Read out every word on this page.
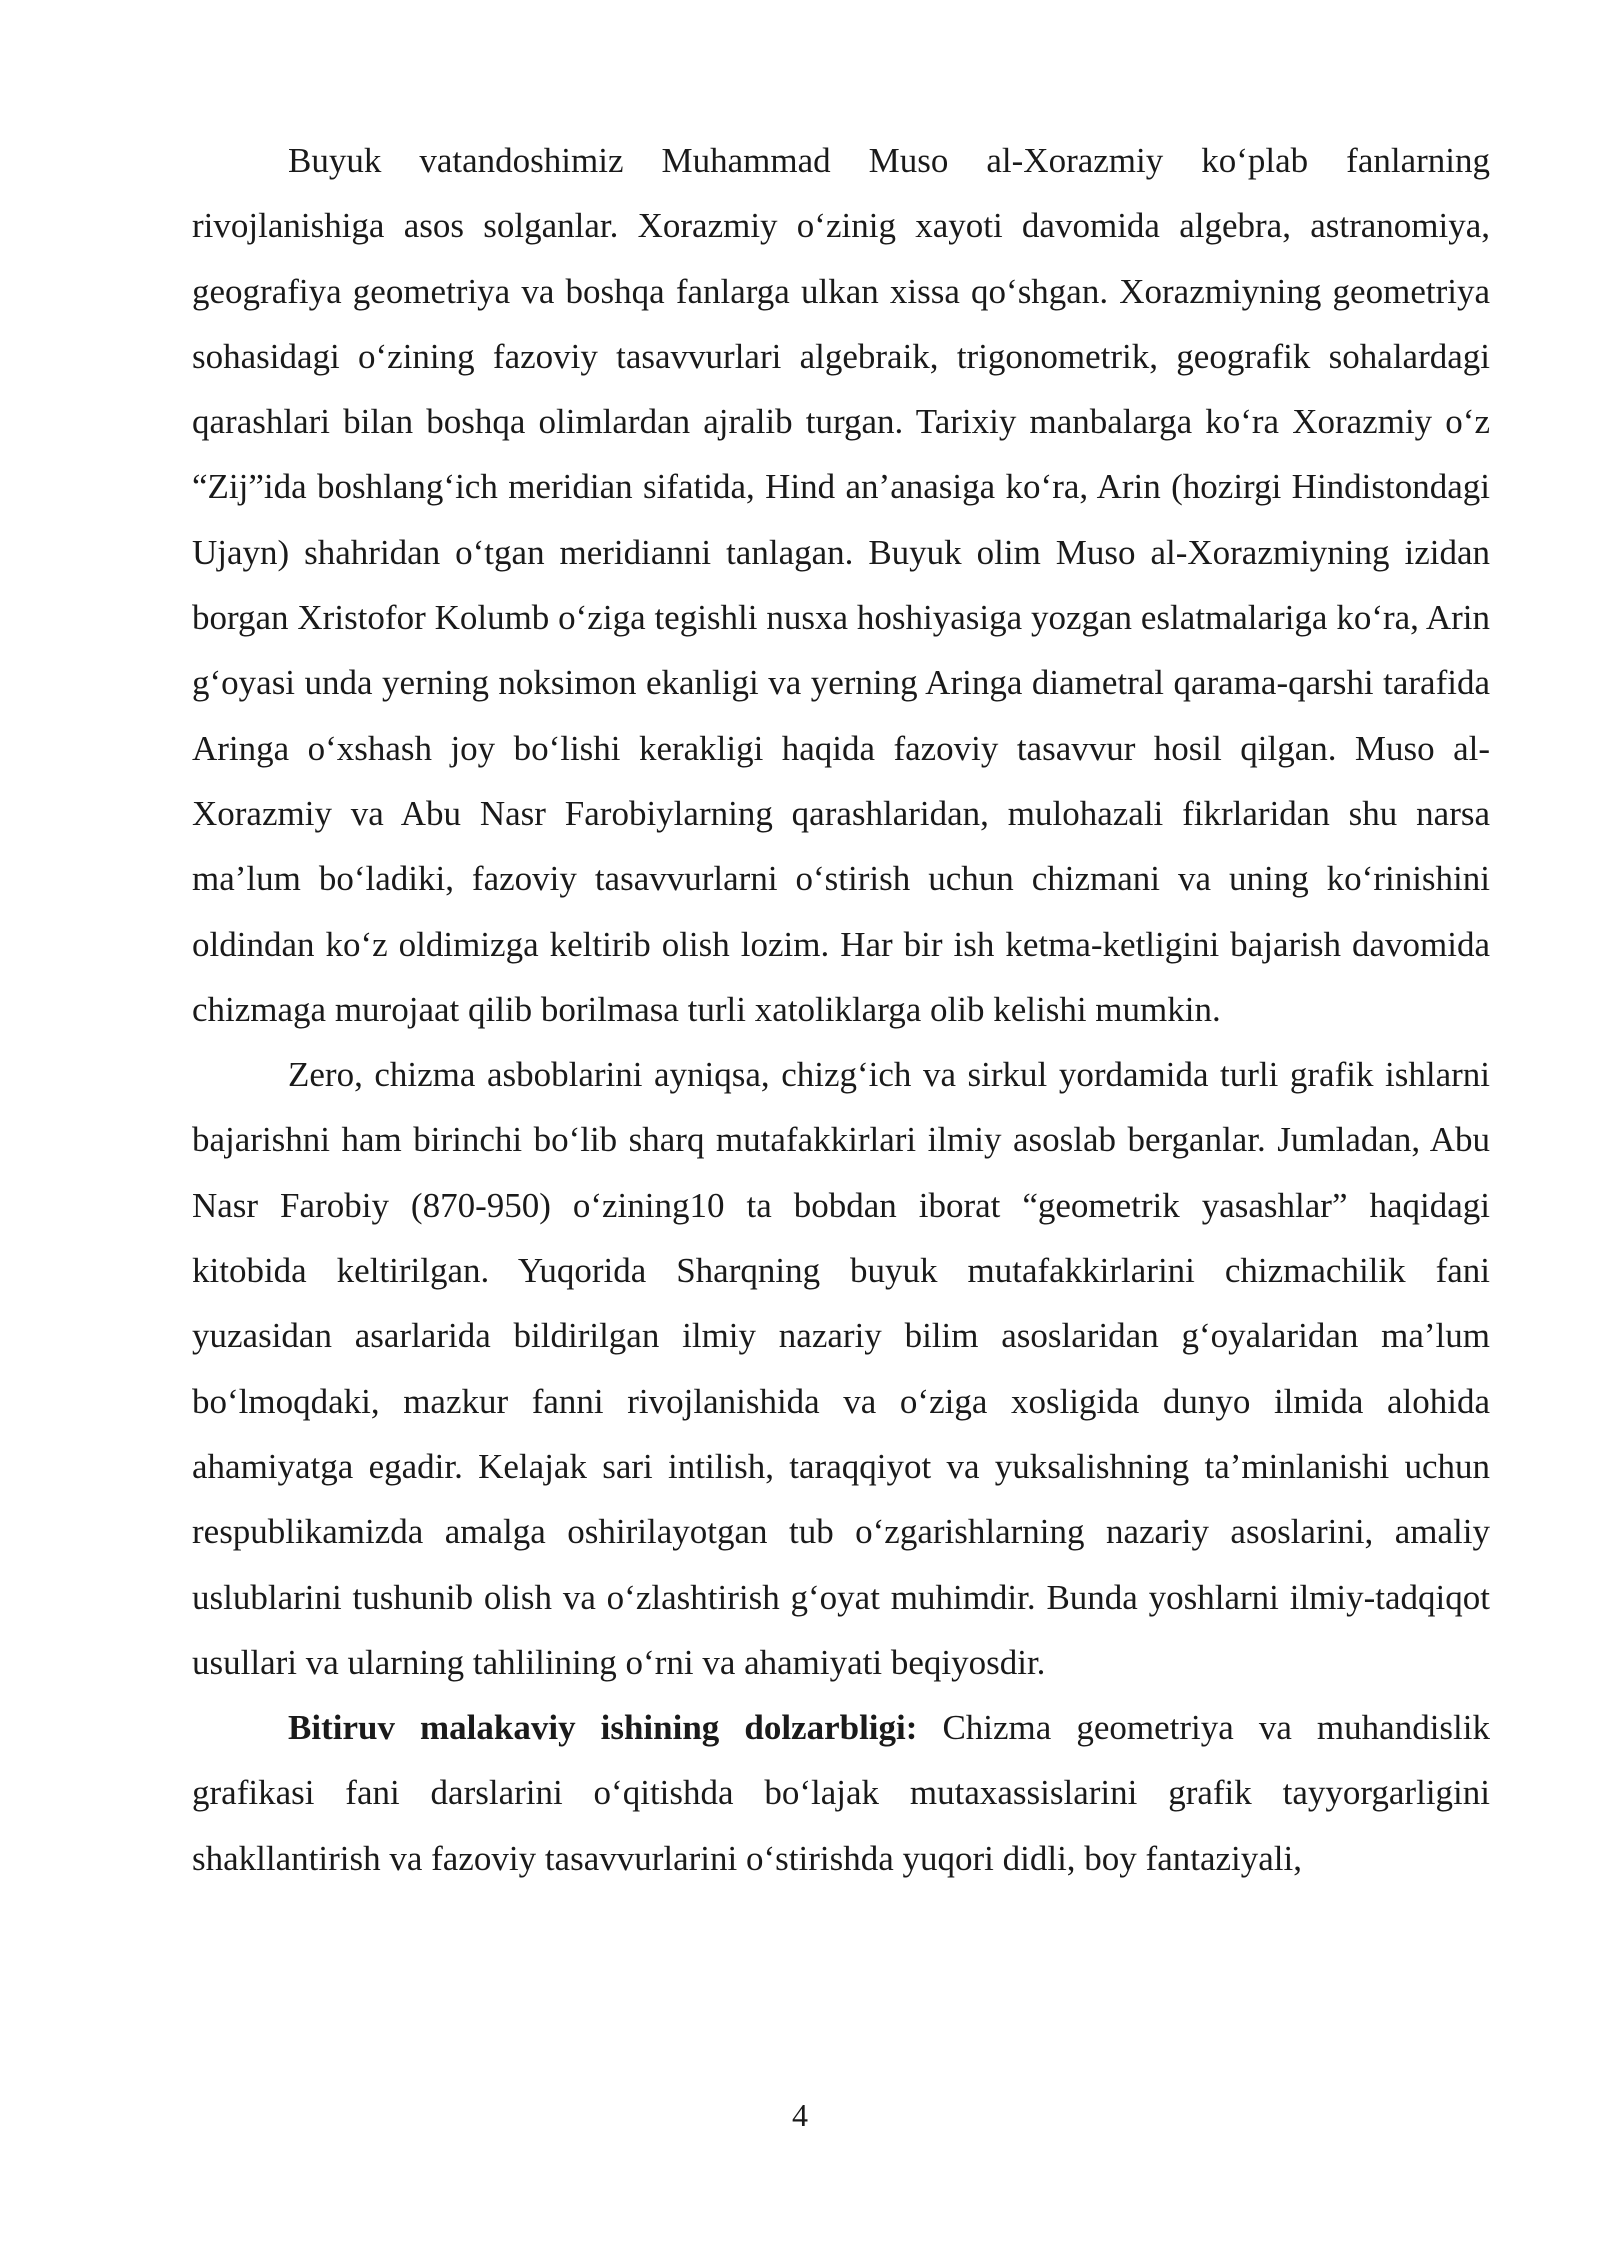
Buyuk vatandoshimiz Muhammad Muso al-Xorazmiy ko‘plab fanlarning rivojlanishiga asos solganlar. Xorazmiy o‘zinig xayoti davomida algebra, astranomiya, geografiya geometriya va boshqa fanlarga ulkan xissa qo‘shgan. Xorazmiyning geometriya sohasidagi o‘zining fazoviy tasavvurlari algebraik, trigonometrik, geografik sohalardagi qarashlari bilan boshqa olimlardan ajralib turgan. Tarixiy manbalarga ko‘ra Xorazmiy o‘z “Zij”ida boshlang‘ich meridian sifatida, Hind an’anasiga ko‘ra, Arin (hozirgi Hindistondagi Ujayn) shahridan o‘tgan meridianni tanlagan. Buyuk olim Muso al-Xorazmiyning izidan borgan Xristofor Kolumb o‘ziga tegishli nusxa hoshiyasiga yozgan eslatmalariga ko‘ra, Arin g‘oyasi unda yerning noksimon ekanligi va yerning Aringa diametral qarama-qarshi tarafida Aringa o‘xshash joy bo‘lishi kerakligi haqida fazoviy tasavvur hosil qilgan. Muso al-Xorazmiy va Abu Nasr Farobiylarning qarashlaridan, mulohazali fikrlaridan shu narsa ma’lum bo‘ladiki, fazoviy tasavvurlarni o‘stirish uchun chizmani va uning ko‘rinishini oldindan ko‘z oldimizga keltirib olish lozim. Har bir ish ketma-ketligini bajarish davomida chizmaga murojaat qilib borilmasa turli xatoliklarga olib kelishi mumkin.

Zero, chizma asboblarini ayniqsa, chizg‘ich va sirkul yordamida turli grafik ishlarni bajarishni ham birinchi bo‘lib sharq mutafakkirlari ilmiy asoslab berganlar. Jumladan, Abu Nasr Farobiy (870-950) o‘zining10 ta bobdan iborat “geometrik yasashlar” haqidagi kitobida keltirilgan. Yuqorida Sharqning buyuk mutafakkirlarini chizmachilik fani yuzasidan asarlarida bildirilgan ilmiy nazariy bilim asoslaridan g‘oyalaridan ma’lum bo‘lmoqdaki, mazkur fanni rivojlanishida va o‘ziga xosligida dunyo ilmida alohida ahamiyatga egadir. Kelajak sari intilish, taraqqiyot va yuksalishning ta’minlanishi uchun respublikamizda amalga oshirilayotgan tub o‘zgarishlarning nazariy asoslarini, amaliy uslublarini tushunib olish va o‘zlashtirish g‘oyat muhimdir. Bunda yoshlarni ilmiy-tadqiqot usullari va ularning tahlilining o‘rni va ahamiyati beqiyosdir.

Bitiruv malakaviy ishining dolzarbligi: Chizma geometriya va muhandislik grafikasi fani darslarini o‘qitishda bo‘lajak mutaxassislarini grafik tayyorgarligini shakllantirish va fazoviy tasavvurlarini o‘stirishda yuqori didli, boy fantaziyali,

4
